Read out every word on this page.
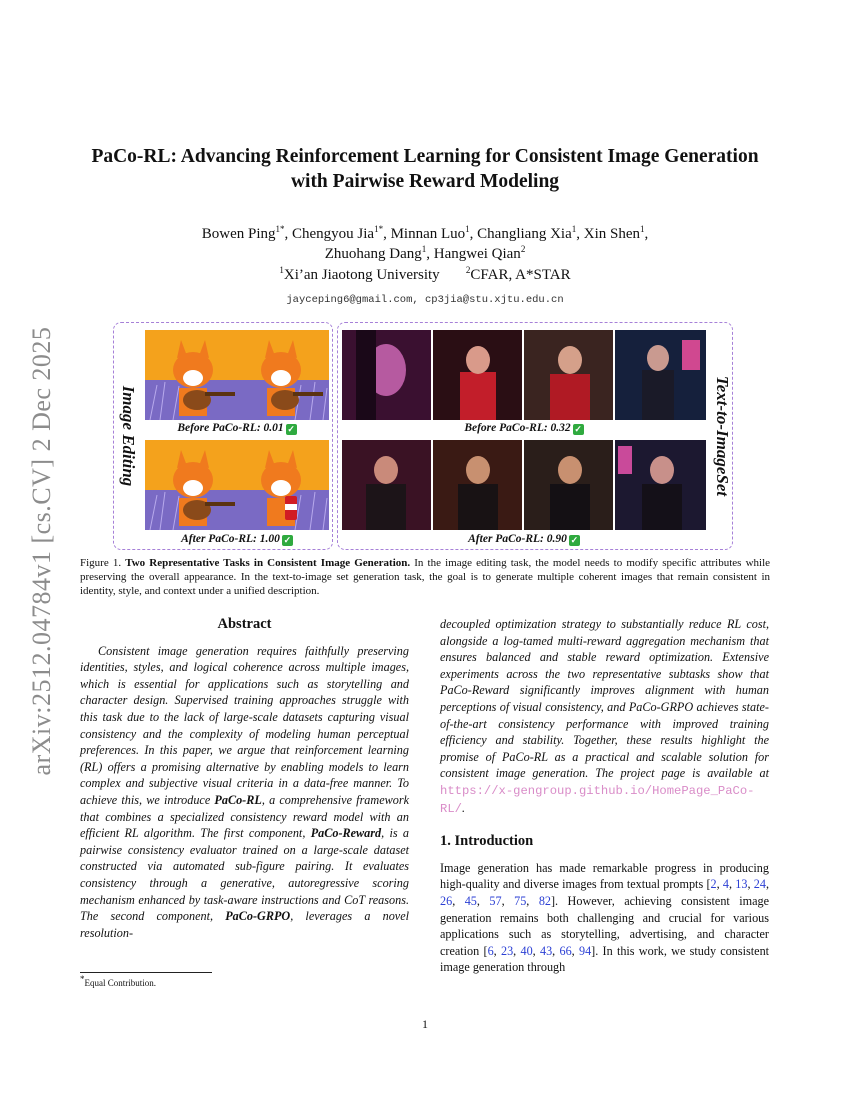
arXiv:2512.04784v1 [cs.CV] 2 Dec 2025
PaCo-RL: Advancing Reinforcement Learning for Consistent Image Generation
with Pairwise Reward Modeling
Bowen Ping$^{1*}$, Chengyou Jia$^{1*}$, Minnan Luo$^1$, Changliang Xia$^1$, Xin Shen$^1$,
Zhuohang Dang$^1$, Hangwei Qian$^2$
$^1$Xi’an Jiaotong University	$^2$CFAR, A*STAR
jayceping6@gmail.com, cp3jia@stu.xjtu.edu.cn
Image Editing	Text-to-ImageSet
Before PaCo-RL: 0.01 ✓
After PaCo-RL: 1.00 ✓
Before PaCo-RL: 0.32 ✓
After PaCo-RL: 0.90 ✓
Figure 1. Two Representative Tasks in Consistent Image Generation. In the image editing task, the model needs to modify specific attributes while preserving the overall appearance. In the text-to-image set generation task, the goal is to generate multiple coherent images that remain consistent in identity, style, and context under a unified description.
Abstract
Consistent image generation requires faithfully preserving identities, styles, and logical coherence across multiple images, which is essential for applications such as storytelling and character design. Supervised training approaches struggle with this task due to the lack of large-scale datasets capturing visual consistency and the complexity of modeling human perceptual preferences. In this paper, we argue that reinforcement learning (RL) offers a promising alternative by enabling models to learn complex and subjective visual criteria in a data-free manner. To achieve this, we introduce PaCo-RL, a comprehensive framework that combines a specialized consistency reward model with an efficient RL algorithm. The first component, PaCo-Reward, is a pairwise consistency evaluator trained on a large-scale dataset constructed via automated sub-figure pairing. It evaluates consistency through a generative, autoregressive scoring mechanism enhanced by task-aware instructions and CoT reasons. The second component, PaCo-GRPO, leverages a novel resolution-
decoupled optimization strategy to substantially reduce RL cost, alongside a log-tamed multi-reward aggregation mechanism that ensures balanced and stable reward optimization. Extensive experiments across the two representative subtasks show that PaCo-Reward significantly improves alignment with human perceptions of visual consistency, and PaCo-GRPO achieves state-of-the-art consistency performance with improved training efficiency and stability. Together, these results highlight the promise of PaCo-RL as a practical and scalable solution for consistent image generation. The project page is available at https://x-gengroup.github.io/HomePage_PaCo-RL/.
1. Introduction
Image generation has made remarkable progress in producing high-quality and diverse images from textual prompts [2, 4, 13, 24, 26, 45, 57, 75, 82]. However, achieving consistent image generation remains both challenging and crucial for various applications such as storytelling, advertising, and character creation [6, 23, 40, 43, 66, 94]. In this work, we study consistent image generation through
*Equal Contribution.
1
